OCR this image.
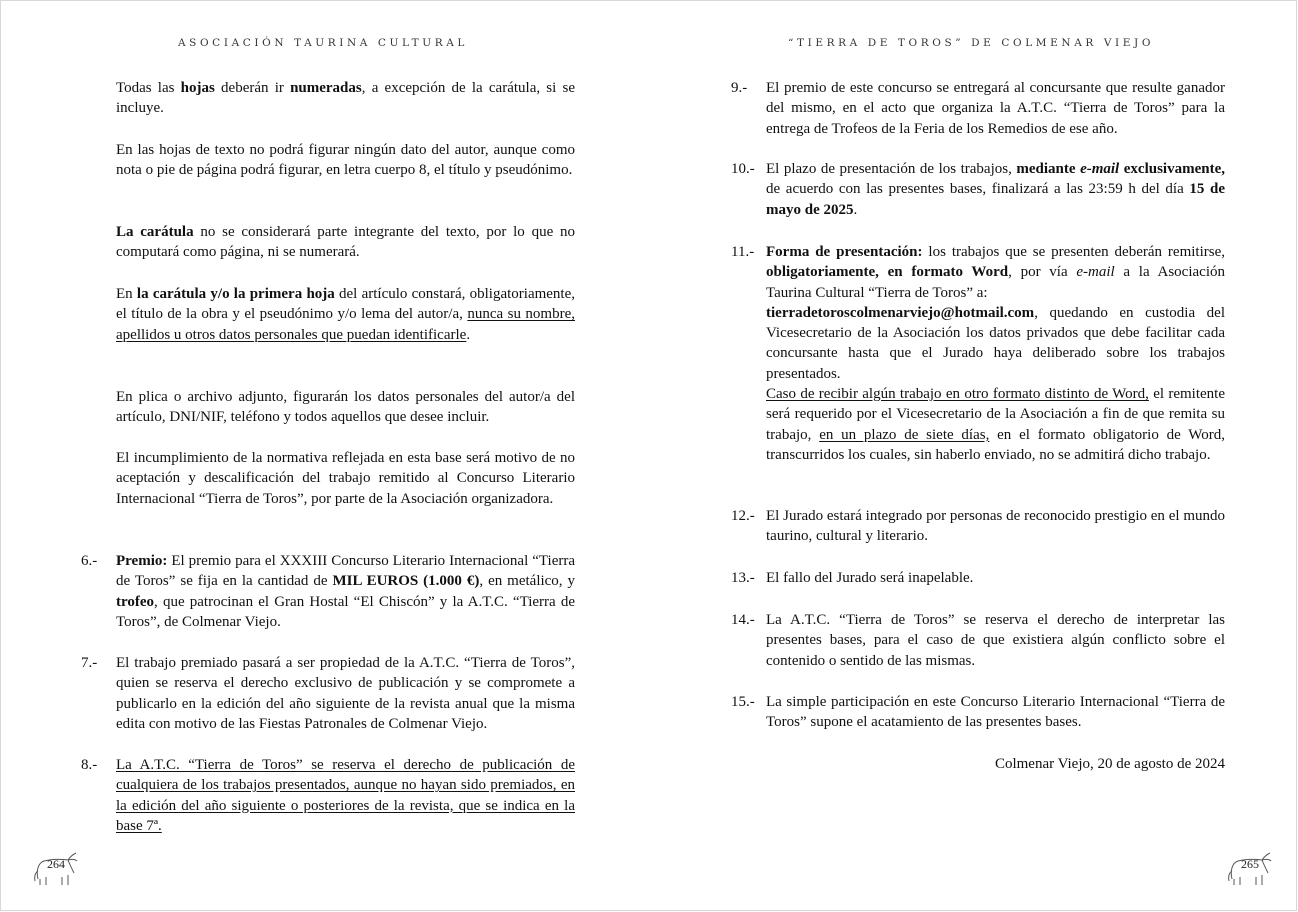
ASOCIACIÓN TAURINA CULTURAL

Todas las hojas deberán ir numeradas, a excepción de la carátula, si se incluye.

En las hojas de texto no podrá figurar ningún dato del autor, aunque como nota o pie de página podrá figurar, en letra cuerpo 8, el título y pseudónimo.

La carátula no se considerará parte integrante del texto, por lo que no computará como página, ni se numerará.

En la carátula y/o la primera hoja del artículo constará, obligatoriamente, el título de la obra y el pseudónimo y/o lema del autor/a, nunca su nombre, apellidos u otros datos personales que puedan identificarle.

En plica o archivo adjunto, figurarán los datos personales del autor/a del artículo, DNI/NIF, teléfono y todos aquellos que desee incluir.

El incumplimiento de la normativa reflejada en esta base será motivo de no aceptación y descalificación del trabajo remitido al Concurso Literario Internacional “Tierra de Toros”, por parte de la Asociación organizadora.

6.- Premio: El premio para el XXXIII Concurso Literario Internacional “Tierra de Toros” se fija en la cantidad de MIL EUROS (1.000 €), en metálico, y trofeo, que patrocinan el Gran Hostal “El Chiscón” y la A.T.C. “Tierra de Toros”, de Colmenar Viejo.

7.- El trabajo premiado pasará a ser propiedad de la A.T.C. “Tierra de Toros”, quien se reserva el derecho exclusivo de publicación y se compromete a publicarlo en la edición del año siguiente de la revista anual que la misma edita con motivo de las Fiestas Patronales de Colmenar Viejo.

8.- La A.T.C. “Tierra de Toros” se reserva el derecho de publicación de cualquiera de los trabajos presentados, aunque no hayan sido premiados, en la edición del año siguiente o posteriores de la revista, que se indica en la base 7ª.

264
“TIERRA DE TOROS” DE COLMENAR VIEJO
9.- El premio de este concurso se entregará al concursante que resulte ganador del mismo, en el acto que organiza la A.T.C. “Tierra de Toros” para la entrega de Trofeos de la Feria de los Remedios de ese año.

10.- El plazo de presentación de los trabajos, mediante e-mail exclusivamente, de acuerdo con las presentes bases, finalizará a las 23:59 h del día 15 de mayo de 2025.

11.- Forma de presentación: los trabajos que se presenten deberán remitirse, obligatoriamente, en formato Word, por vía e-mail a la Asociación Taurina Cultural “Tierra de Toros” a:
tierradetoroscolmenarviejo@hotmail.com, quedando en custodia del Vicesecretario de la Asociación los datos privados que debe facilitar cada concursante hasta que el Jurado haya deliberado sobre los trabajos presentados.
Caso de recibir algún trabajo en otro formato distinto de Word, el remitente será requerido por el Vicesecretario de la Asociación a fin de que remita su trabajo, en un plazo de siete días, en el formato obligatorio de Word, transcurridos los cuales, sin haberlo enviado, no se admitirá dicho trabajo.
12.- El Jurado estará integrado por personas de reconocido prestigio en el mundo taurino, cultural y literario.

13.- El fallo del Jurado será inapelable.

14.- La A.T.C. “Tierra de Toros” se reserva el derecho de interpretar las presentes bases, para el caso de que existiera algún conflicto sobre el contenido o sentido de las mismas.

15.- La simple participación en este Concurso Literario Internacional “Tierra de Toros” supone el acatamiento de las presentes bases.

Colmenar Viejo, 20 de agosto de 2024

265
